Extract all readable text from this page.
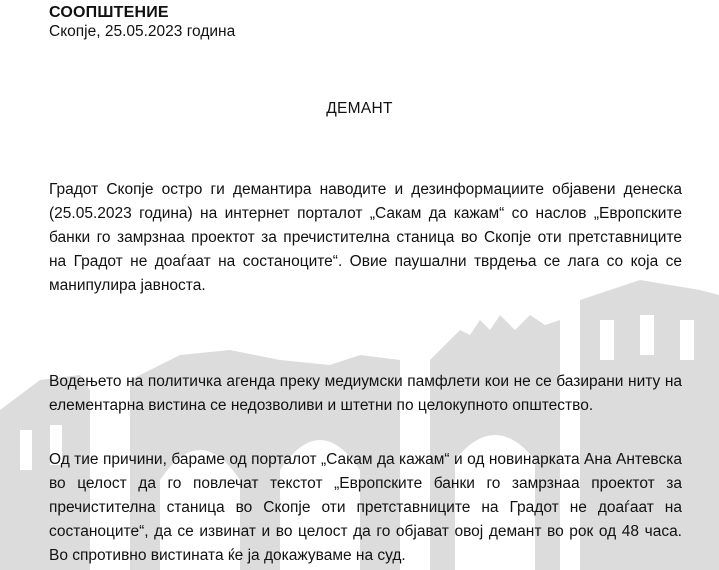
СООПШТЕНИЕ
Скопје, 25.05.2023 година
ДЕМАНТ

Градот Скопје остро ги демантира наводите и дезинформациите објавени денеска (25.05.2023 година) на интернет порталот „Сакам да кажам“ со наслов „Европските банки го замрзнаа проектот за пречистителна станица во Скопје оти претставниците на Градот не доаѓаат на состаноците“. Овие паушални тврдења се лага со која се манипулира јавноста.

Водењето на политичка агенда преку медиумски памфлети кои не се базирани ниту на елементарна вистина се недозволиви и штетни по целокупното општество.

Од тие причини, бараме од порталот „Сакам да кажам“ и од новинарката Ана Антевска во целост да го повлечат текстот „Европските банки го замрзнаа проектот за пречистителна станица во Скопје оти претставниците на Градот не доаѓаат на состаноците“, да се извинат и во целост да го објават овој демант во рок од 48 часа. Во спротивно вистината ќе ја докажуваме на суд.
